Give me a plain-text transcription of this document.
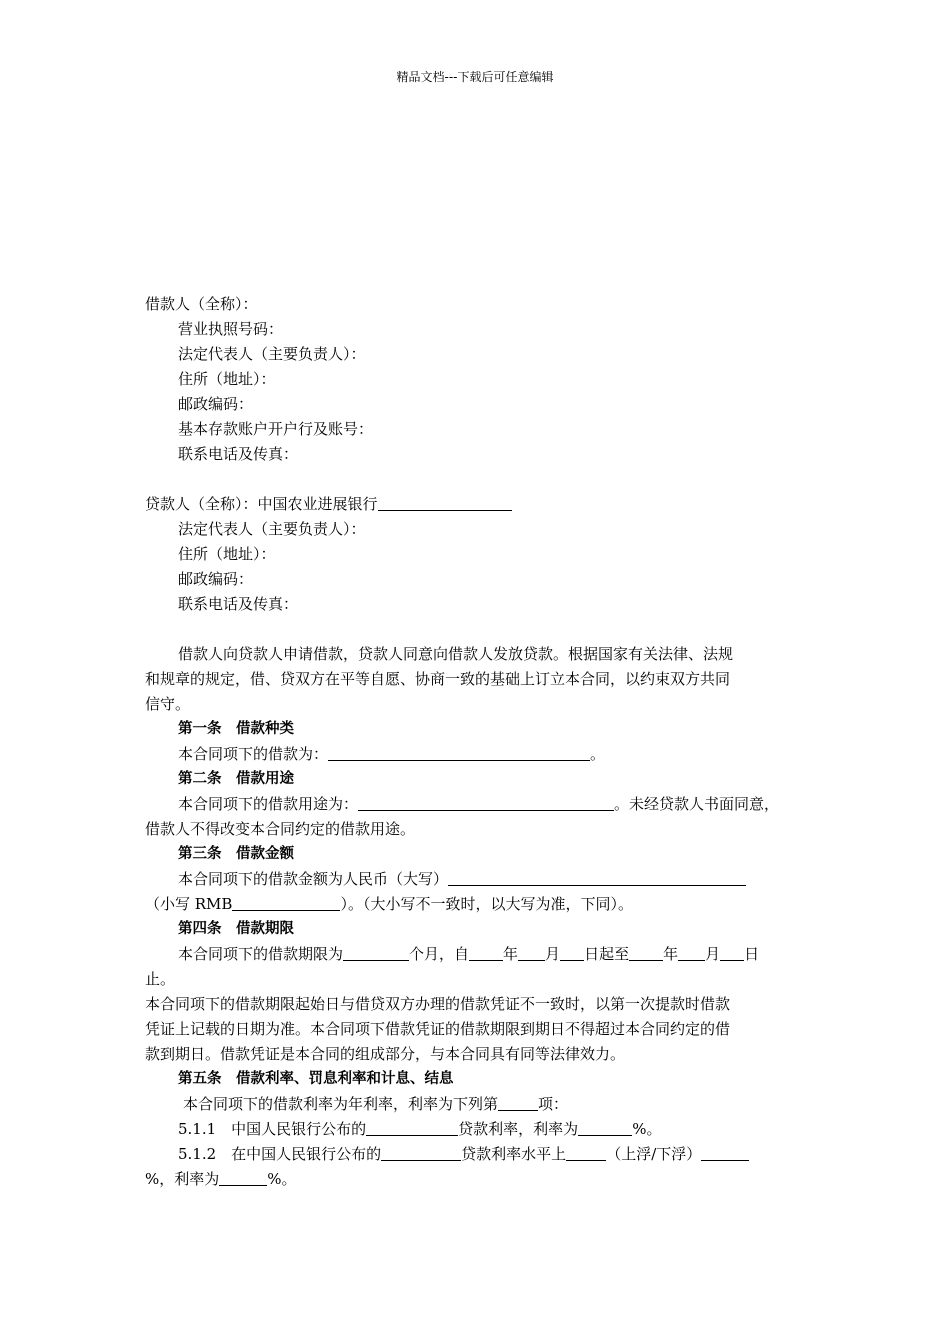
精品文档---下载后可任意编辑
借款人（全称）：
营业执照号码：
法定代表人（主要负责人）：
住所（地址）：
邮政编码：
基本存款账户开户行及账号：
联系电话及传真：
贷款人（全称）：中国农业进展银行
法定代表人（主要负责人）：
住所（地址）：
邮政编码：
联系电话及传真：
借款人向贷款人申请借款，贷款人同意向借款人发放贷款。根据国家有关法律、法规
和规章的规定，借、贷双方在平等自愿、协商一致的基础上订立本合同，以约束双方共同
信守。
第一条　借款种类
本合同项下的借款为：	。
第二条　借款用途
本合同项下的借款用途为：	。未经贷款人书面同意，
借款人不得改变本合同约定的借款用途。
第三条　借款金额
本合同项下的借款金额为人民币（大写）
（小写 RMB	）。（大小写不一致时，以大写为准，下同）。
第四条　借款期限
本合同项下的借款期限为	个月，自 年 月 日起至 年 月 日
止。
本合同项下的借款期限起始日与借贷双方办理的借款凭证不一致时，以第一次提款时借款
凭证上记载的日期为准。本合同项下借款凭证的借款期限到期日不得超过本合同约定的借
款到期日。借款凭证是本合同的组成部分，与本合同具有同等法律效力。
第五条　借款利率、罚息利率和计息、结息
本合同项下的借款利率为年利率，利率为下列第	项：
5.1.1　中国人民银行公布的	贷款利率，利率为	%。
5.1.2　在中国人民银行公布的	贷款利率水平上	（上浮/下浮）
%，利率为	%。
